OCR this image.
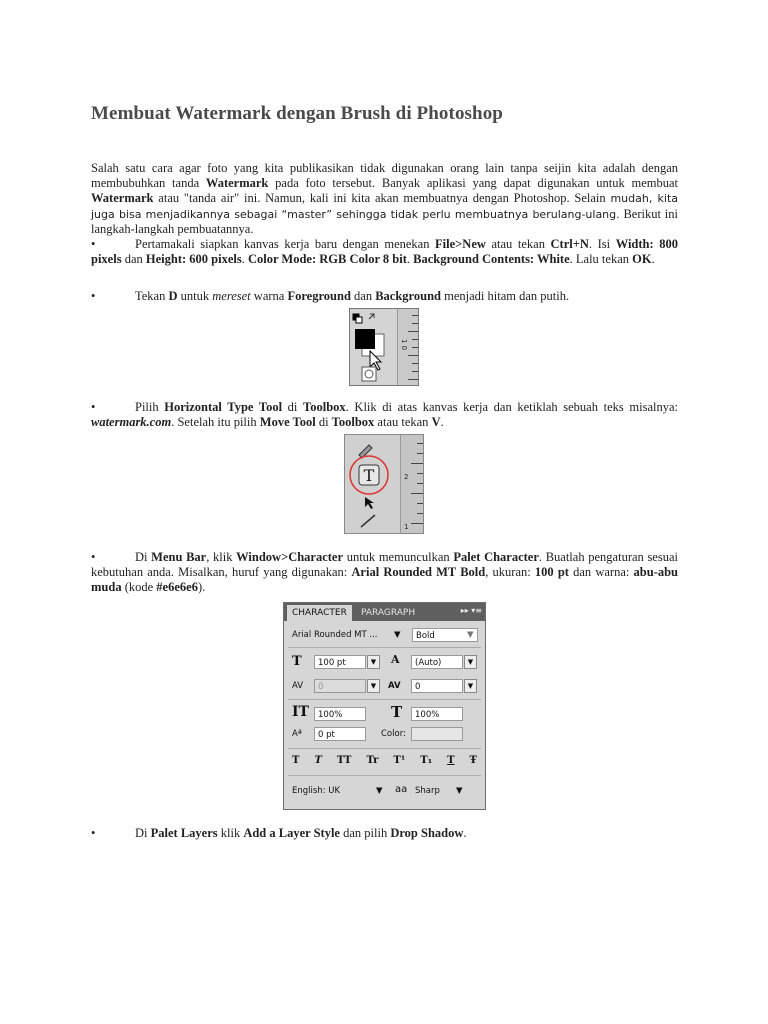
Membuat Watermark dengan Brush di Photoshop

Salah satu cara agar foto yang kita publikasikan tidak digunakan orang lain tanpa seijin kita adalah dengan membubuhkan tanda Watermark pada foto tersebut. Banyak aplikasi yang dapat digunakan untuk membuat Watermark atau "tanda air" ini. Namun, kali ini kita akan membuatnya dengan Photoshop. Selain mudah, kita juga bisa menjadikannya sebagai “master” sehingga tidak perlu membuatnya berulang-ulang. Berikut ini langkah-langkah pembuatannya.

•	Pertamakali siapkan kanvas kerja baru dengan menekan File>New atau tekan Ctrl+N. Isi Width: 800 pixels dan Height: 600 pixels. Color Mode: RGB Color 8 bit. Background Contents: White. Lalu tekan OK.
•	Tekan D untuk mereset warna Foreground dan Background menjadi hitam dan putih.
•	Pilih Horizontal Type Tool di Toolbox. Klik di atas kanvas kerja dan ketiklah sebuah teks misalnya: watermark.com. Setelah itu pilih Move Tool di Toolbox atau tekan V.
•	Di Menu Bar, klik Window>Character untuk memunculkan Palet Character. Buatlah pengaturan sesuai kebutuhan anda. Misalkan, huruf yang digunakan: Arial Rounded MT Bold, ukuran: 100 pt dan warna: abu-abu muda (kode #e6e6e6).
•	Di Palet Layers klik Add a Layer Style dan pilih Drop Shadow.
1 0
T	2
1
CHARACTER	PARAGRAPH	▸▸ ▾≡
Arial Rounded MT ...	▼	Bold	▼
T	100 pt	▼	A	(Auto)	▼
AV	0	▼	AV	0	▼
IT	100%	T	100%
Aª	0 pt	Color:
T T TT Tr T¹ T₁ T Ŧ
English: UK	▼ aa Sharp	▼
